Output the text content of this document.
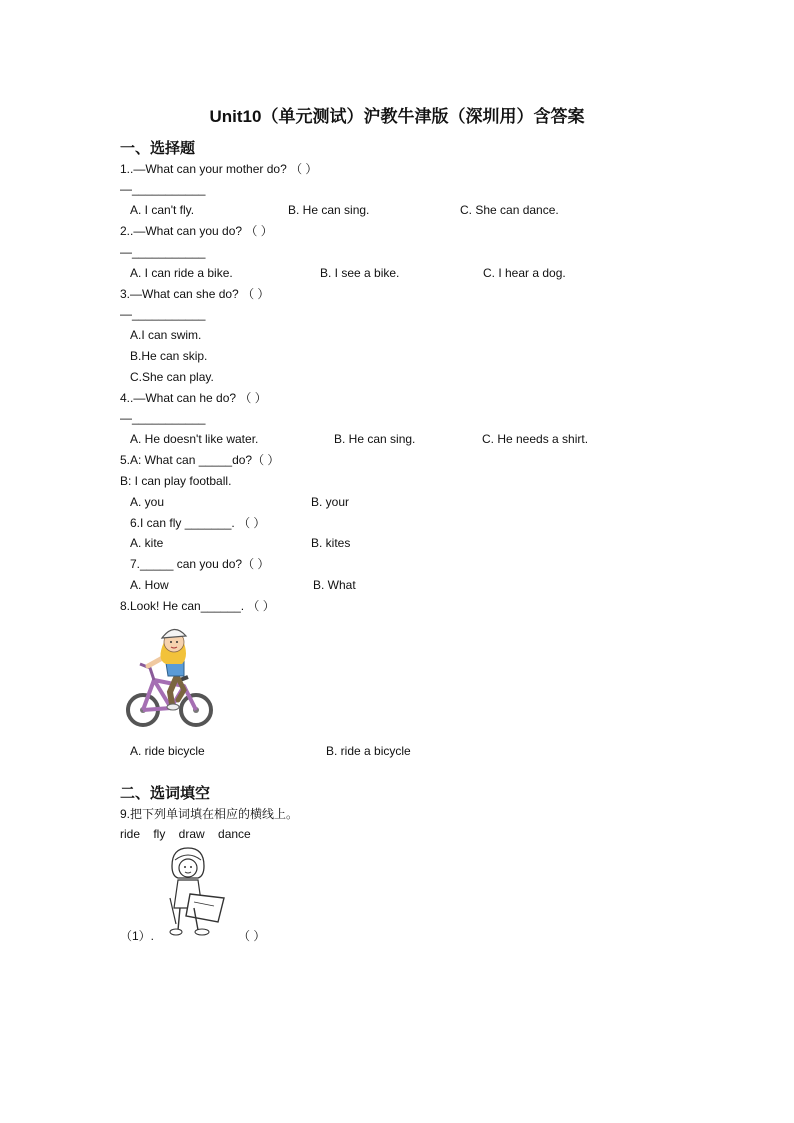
Unit10（单元测试）沪教牛津版（深圳用）含答案
一、选择题
1..—What can your mother do? （ ）
—___________
A. I can't fly.	B. He can sing.	C. She can dance.
2..—What can you do? （ ）
—___________
A. I can ride a bike.	B. I see a bike.	C. I hear a dog.
3.—What can she do? （ ）
—___________
A.I can swim.
B.He can skip.
C.She can play.
4..—What can he do? （ ）
—___________
A. He doesn't like water.	B. He can sing.	C. He needs a shirt.
5.A: What can _____do?（ ）
B: I can play football.
A. you	B. your
6.I can fly _______. （ ）
A. kite	B. kites
7._____ can you do?（ ）
A. How	B. What
8.Look! He can______. （ ）
A. ride bicycle	B. ride a bicycle
二、选词填空
9.把下列单词填在相应的横线上。
ride fly draw dance
（1）.	（ ）
